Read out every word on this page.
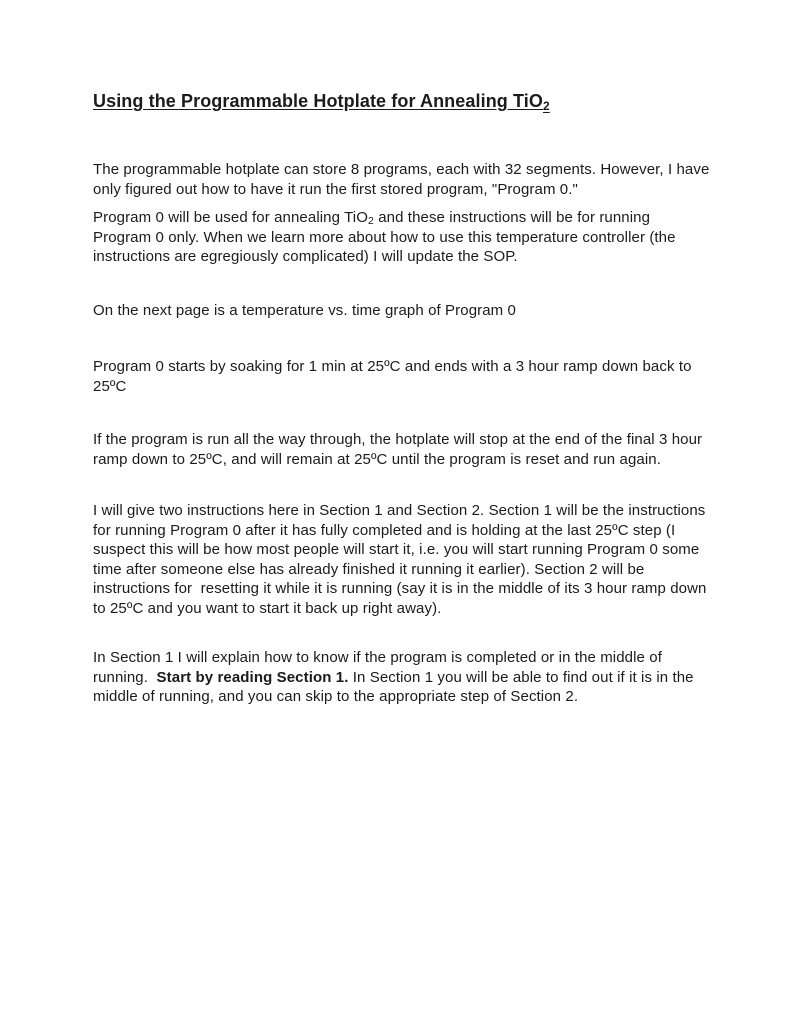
Using the Programmable Hotplate for Annealing TiO$_2$

The programmable hotplate can store 8 programs, each with 32 segments. However, I have only figured out how to have it run the first stored program, "Program 0."

Program 0 will be used for annealing TiO$_2$ and these instructions will be for running Program 0 only. When we learn more about how to use this temperature controller (the instructions are egregiously complicated) I will update the SOP.

On the next page is a temperature vs. time graph of Program 0

Program 0 starts by soaking for 1 min at 25ºC and ends with a 3 hour ramp down back to 25ºC

If the program is run all the way through, the hotplate will stop at the end of the final 3 hour ramp down to 25ºC, and will remain at 25ºC until the program is reset and run again.

I will give two instructions here in Section 1 and Section 2. Section 1 will be the instructions for running Program 0 after it has fully completed and is holding at the last 25ºC step (I suspect this will be how most people will start it, i.e. you will start running Program 0 some time after someone else has already finished it running it earlier). Section 2 will be instructions for  resetting it while it is running (say it is in the middle of its 3 hour ramp down to 25ºC and you want to start it back up right away).

In Section 1 I will explain how to know if the program is completed or in the middle of running.  Start by reading Section 1. In Section 1 you will be able to find out if it is in the middle of running, and you can skip to the appropriate step of Section 2.
